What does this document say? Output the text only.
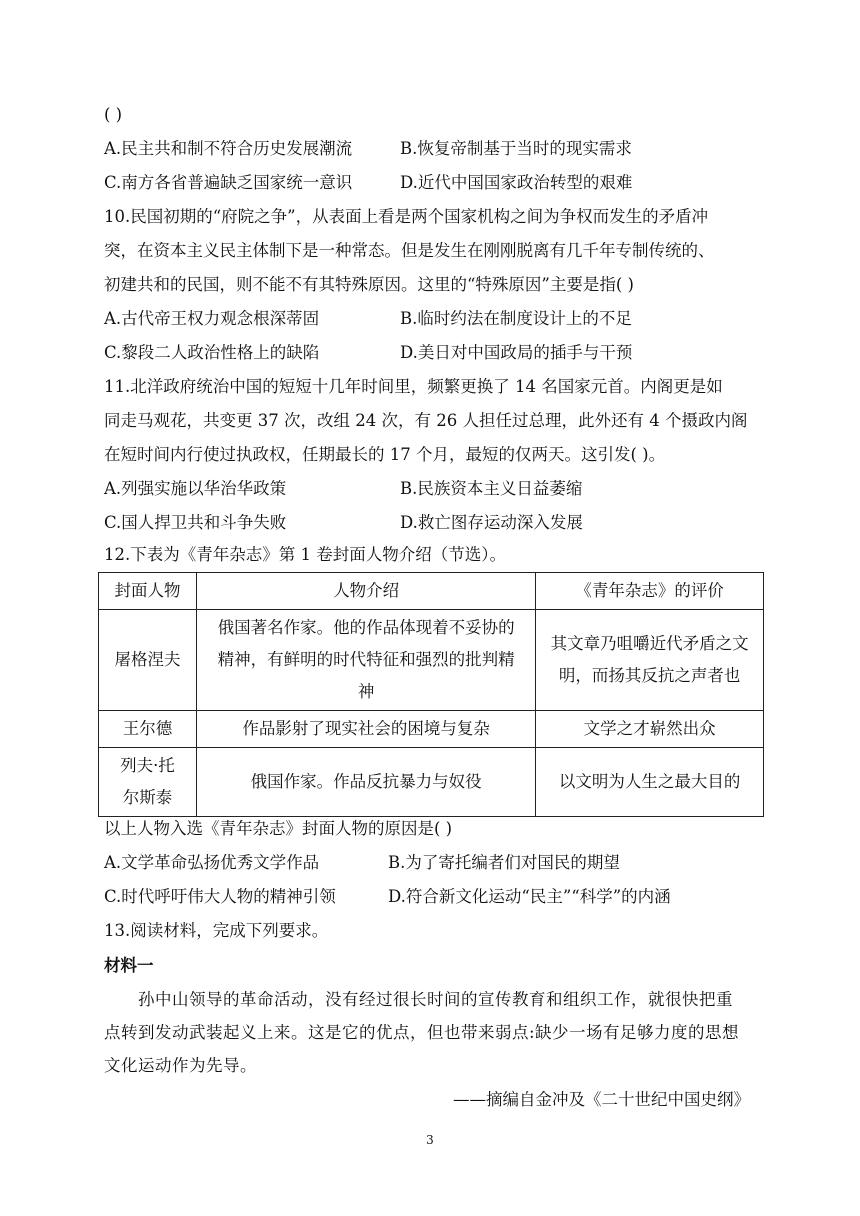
( )
A.民主共和制不符合历史发展潮流	B.恢复帝制基于当时的现实需求
C.南方各省普遍缺乏国家统一意识	D.近代中国国家政治转型的艰难
10.民国初期的“府院之争”，从表面上看是两个国家机构之间为争权而发生的矛盾冲
突，在资本主义民主体制下是一种常态。但是发生在刚刚脱离有几千年专制传统的、
初建共和的民国，则不能不有其特殊原因。这里的“特殊原因”主要是指( )
A.古代帝王权力观念根深蒂固	B.临时约法在制度设计上的不足
C.黎段二人政治性格上的缺陷	D.美日对中国政局的插手与干预
11.北洋政府统治中国的短短十几年时间里，频繁更换了 14 名国家元首。内阁更是如
同走马观花，共变更 37 次，改组 24 次，有 26 人担任过总理，此外还有 4 个摄政内阁
在短时间内行使过执政权，任期最长的 17 个月，最短的仅两天。这引发( )。
A.列强实施以华治华政策	B.民族资本主义日益萎缩
C.国人捍卫共和斗争失败	D.救亡图存运动深入发展
12.下表为《青年杂志》第 1 卷封面人物介绍（节选）。
封面人物	人物介绍	《青年杂志》的评价
屠格涅夫	俄国著名作家。他的作品体现着不妥协的精神，有鲜明的时代特征和强烈的批判精神	其文章乃咀嚼近代矛盾之文明，而扬其反抗之声者也
王尔德	作品影射了现实社会的困境与复杂	文学之才崭然出众
列夫·托尔斯泰	俄国作家。作品反抗暴力与奴役	以文明为人生之最大目的
以上人物入选《青年杂志》封面人物的原因是( )
A.文学革命弘扬优秀文学作品	B.为了寄托编者们对国民的期望
C.时代呼吁伟大人物的精神引领	D.符合新文化运动“民主”“科学”的内涵
13.阅读材料，完成下列要求。
材料一
孙中山领导的革命活动，没有经过很长时间的宣传教育和组织工作，就很快把重
点转到发动武装起义上来。这是它的优点，但也带来弱点:缺少一场有足够力度的思想
文化运动作为先导。
——摘编自金冲及《二十世纪中国史纲》
3
